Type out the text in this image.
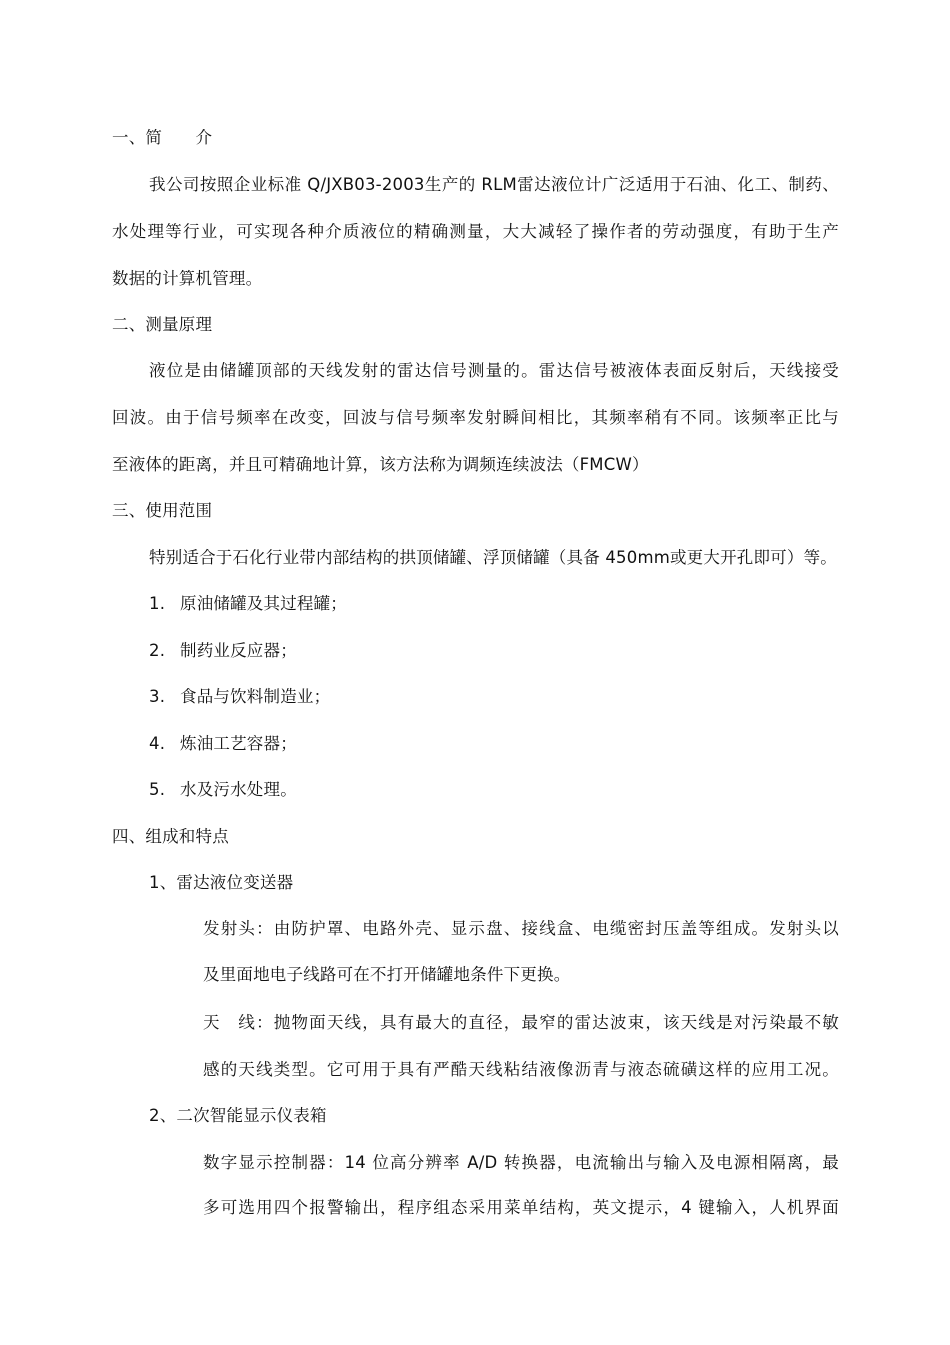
一、简　　介
我公司按照企业标准 Q/JXB03-2003生产的 RLM雷达液位计广泛适用于石油、化工、制药、
水处理等行业，可实现各种介质液位的精确测量，大大减轻了操作者的劳动强度，有助于生产
数据的计算机管理。
二、测量原理
液位是由储罐顶部的天线发射的雷达信号测量的。雷达信号被液体表面反射后，天线接受
回波。由于信号频率在改变，回波与信号频率发射瞬间相比，其频率稍有不同。该频率正比与
至液体的距离，并且可精确地计算，该方法称为调频连续波法（FMCW）
三、使用范围
特别适合于石化行业带内部结构的拱顶储罐、浮顶储罐（具备 450mm或更大开孔即可）等。
1. 原油储罐及其过程罐；
2. 制药业反应器；
3. 食品与饮料制造业；
4. 炼油工艺容器；
5. 水及污水处理。
四、组成和特点
1、雷达液位变送器
发射头：由防护罩、电路外壳、显示盘、接线盒、电缆密封压盖等组成。发射头以
及里面地电子线路可在不打开储罐地条件下更换。
天　线：抛物面天线，具有最大的直径，最窄的雷达波束，该天线是对污染最不敏
感的天线类型。它可用于具有严酷天线粘结液像沥青与液态硫磺这样的应用工况。
2、二次智能显示仪表箱
数字显示控制器：14 位高分辨率 A/D 转换器，电流输出与输入及电源相隔离，最
多可选用四个报警输出，程序组态采用菜单结构，英文提示，4 键输入，人机界面
